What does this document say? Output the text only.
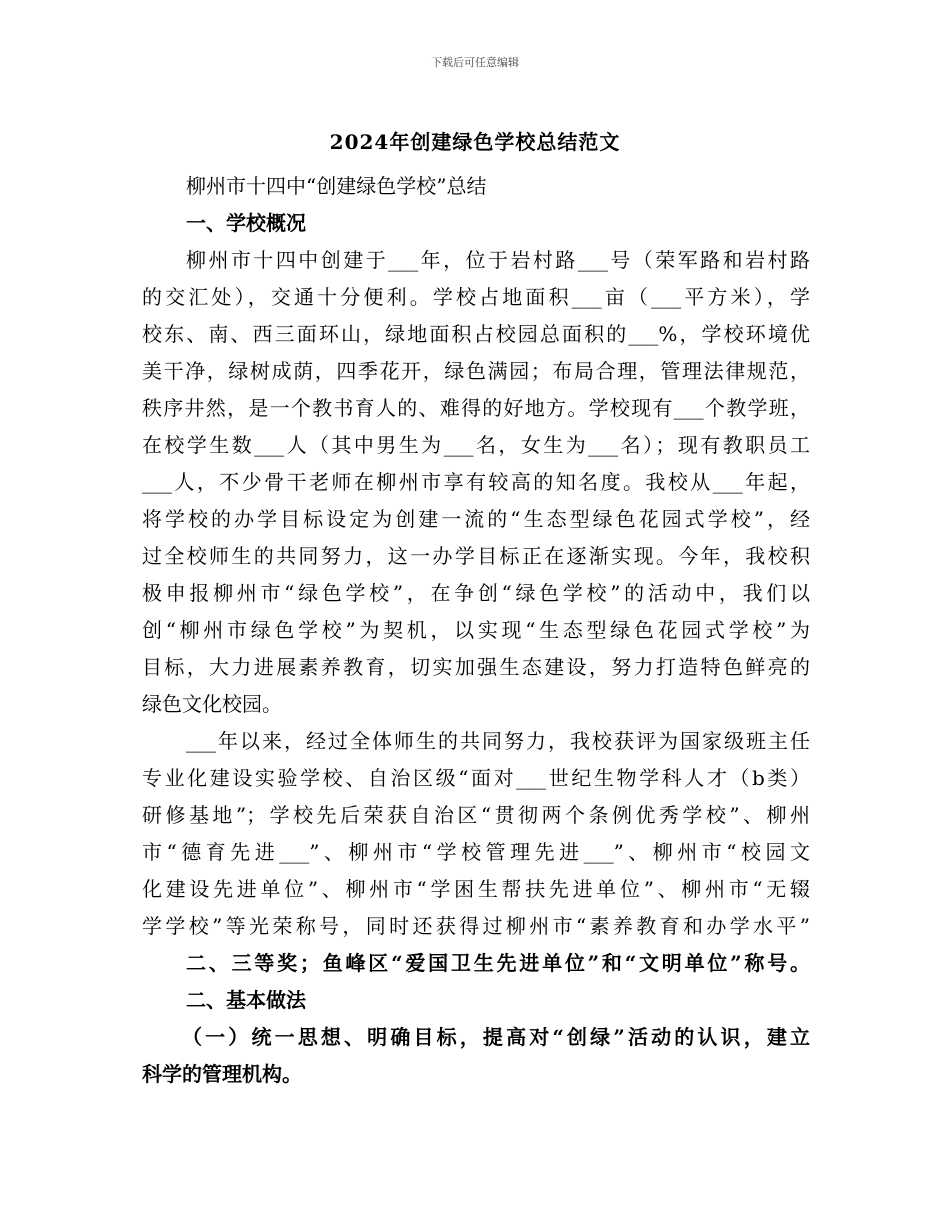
下载后可任意编辑
2024年创建绿色学校总结范文
柳州市十四中“创建绿色学校”总结
一、学校概况
柳州市十四中创建于___年，位于岩村路___号（荣军路和岩村路
的交汇处），交通十分便利。学校占地面积___亩（___平方米），学
校东、南、西三面环山，绿地面积占校园总面积的___%，学校环境优
美干净，绿树成荫，四季花开，绿色满园；布局合理，管理法律规范，
秩序井然，是一个教书育人的、难得的好地方。学校现有___个教学班，
在校学生数___人（其中男生为___名，女生为___名）；现有教职员工
___人，不少骨干老师在柳州市享有较高的知名度。我校从___年起，
将学校的办学目标设定为创建一流的“生态型绿色花园式学校”，经
过全校师生的共同努力，这一办学目标正在逐渐实现。今年，我校积
极申报柳州市“绿色学校”，在争创“绿色学校”的活动中，我们以
创“柳州市绿色学校”为契机，以实现“生态型绿色花园式学校”为
目标，大力进展素养教育，切实加强生态建设，努力打造特色鲜亮的
绿色文化校园。
___年以来，经过全体师生的共同努力，我校获评为国家级班主任
专业化建设实验学校、自治区级“面对___世纪生物学科人才（b类）
研修基地”；学校先后荣获自治区“贯彻两个条例优秀学校”、柳州
市“德育先进___”、柳州市“学校管理先进___”、柳州市“校园文
化建设先进单位”、柳州市“学困生帮扶先进单位”、柳州市“无辍
学学校”等光荣称号，同时还获得过柳州市“素养教育和办学水平”
二、三等奖；鱼峰区“爱国卫生先进单位”和“文明单位”称号。
二、基本做法
（一）统一思想、明确目标，提高对“创绿”活动的认识，建立
科学的管理机构。
